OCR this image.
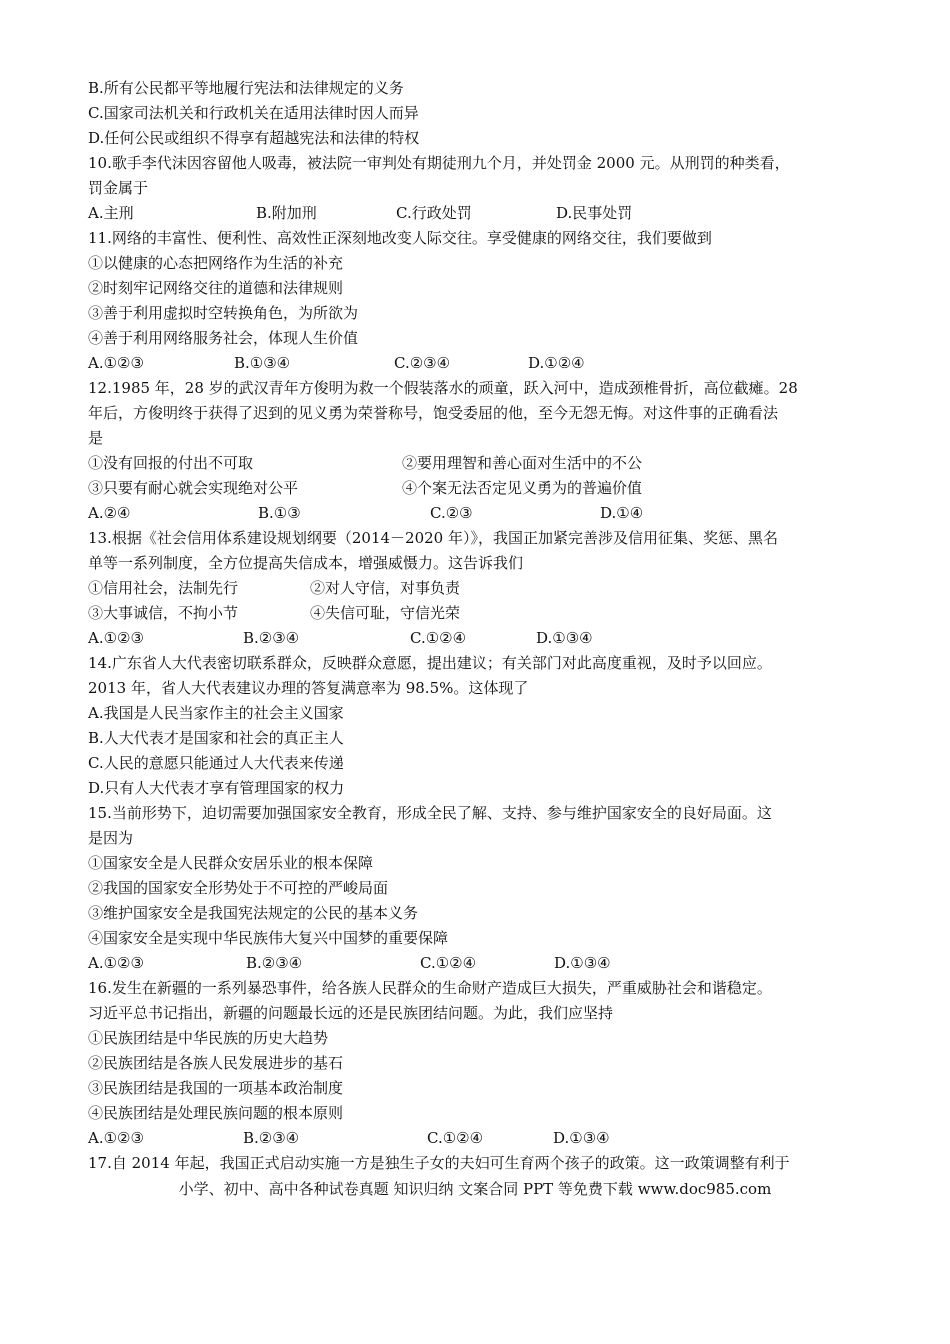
B.所有公民都平等地履行宪法和法律规定的义务
C.国家司法机关和行政机关在适用法律时因人而异
D.任何公民或组织不得享有超越宪法和法律的特权
10.歌手李代沫因容留他人吸毒，被法院一审判处有期徒刑九个月，并处罚金 2000 元。从刑罚的种类看，
罚金属于
A.主刑	B.附加刑	C.行政处罚	D.民事处罚
11.网络的丰富性、便利性、高效性正深刻地改变人际交往。享受健康的网络交往，我们要做到
①以健康的心态把网络作为生活的补充
②时刻牢记网络交往的道德和法律规则
③善于利用虚拟时空转换角色，为所欲为
④善于利用网络服务社会，体现人生价值
A.①②③	B.①③④	C.②③④	D.①②④
12.1985 年，28 岁的武汉青年方俊明为救一个假装落水的顽童，跃入河中，造成颈椎骨折，高位截瘫。28
年后，方俊明终于获得了迟到的见义勇为荣誉称号，饱受委屈的他，至今无怨无悔。对这件事的正确看法
是
①没有回报的付出不可取	②要用理智和善心面对生活中的不公
③只要有耐心就会实现绝对公平	④个案无法否定见义勇为的普遍价值
A.②④	B.①③	C.②③	D.①④
13.根据《社会信用体系建设规划纲要（2014－2020 年）》，我国正加紧完善涉及信用征集、奖惩、黑名
单等一系列制度，全方位提高失信成本，增强威慑力。这告诉我们
①信用社会，法制先行	②对人守信，对事负责
③大事诚信，不拘小节	④失信可耻，守信光荣
A.①②③	B.②③④	C.①②④	D.①③④
14.广东省人大代表密切联系群众，反映群众意愿，提出建议；有关部门对此高度重视，及时予以回应。
2013 年，省人大代表建议办理的答复满意率为 98.5%。这体现了
A.我国是人民当家作主的社会主义国家
B.人大代表才是国家和社会的真正主人
C.人民的意愿只能通过人大代表来传递
D.只有人大代表才享有管理国家的权力
15.当前形势下，迫切需要加强国家安全教育，形成全民了解、支持、参与维护国家安全的良好局面。这
是因为
①国家安全是人民群众安居乐业的根本保障
②我国的国家安全形势处于不可控的严峻局面
③维护国家安全是我国宪法规定的公民的基本义务
④国家安全是实现中华民族伟大复兴中国梦的重要保障
A.①②③	B.②③④	C.①②④	D.①③④
16.发生在新疆的一系列暴恐事件，给各族人民群众的生命财产造成巨大损失，严重威胁社会和谐稳定。
习近平总书记指出，新疆的问题最长远的还是民族团结问题。为此，我们应坚持
①民族团结是中华民族的历史大趋势
②民族团结是各族人民发展进步的基石
③民族团结是我国的一项基本政治制度
④民族团结是处理民族问题的根本原则
A.①②③	B.②③④	C.①②④	D.①③④
17.自 2014 年起，我国正式启动实施一方是独生子女的夫妇可生育两个孩子的政策。这一政策调整有利于
小学、初中、高中各种试卷真题 知识归纳 文案合同 PPT 等免费下载 www.doc985.com
